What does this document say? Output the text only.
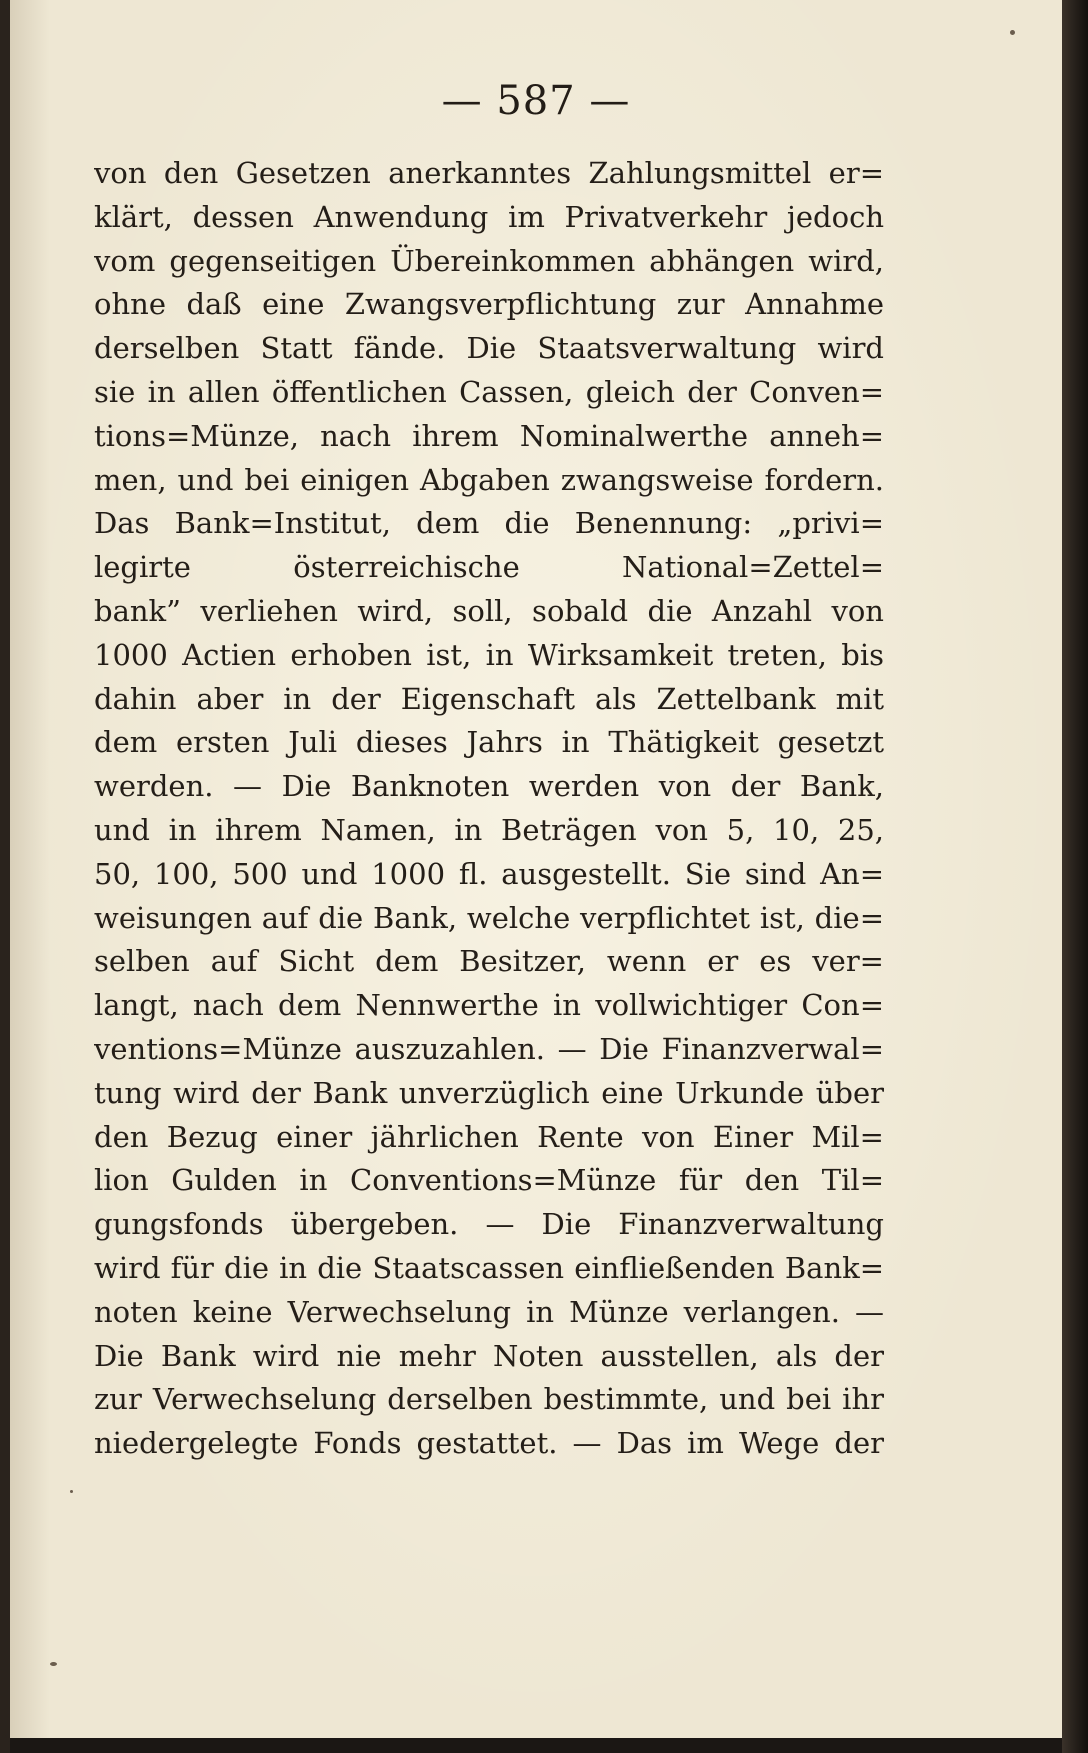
— 587 —
von den Gesetzen anerkanntes Zahlungsmittel er=
klärt, dessen Anwendung im Privatverkehr jedoch
vom gegenseitigen Übereinkommen abhängen wird,
ohne daß eine Zwangsverpflichtung zur Annahme
derselben Statt fände. Die Staatsverwaltung wird
sie in allen öffentlichen Cassen, gleich der Conven=
tions=Münze, nach ihrem Nominalwerthe anneh=
men, und bei einigen Abgaben zwangsweise fordern.
Das Bank=Institut, dem die Benennung: „privi=
legirte österreichische National=Zettel=
bank” verliehen wird, soll, sobald die Anzahl von
1000 Actien erhoben ist, in Wirksamkeit treten, bis
dahin aber in der Eigenschaft als Zettelbank mit
dem ersten Juli dieses Jahrs in Thätigkeit gesetzt
werden. — Die Banknoten werden von der Bank,
und in ihrem Namen, in Beträgen von 5, 10, 25,
50, 100, 500 und 1000 fl. ausgestellt. Sie sind An=
weisungen auf die Bank, welche verpflichtet ist, die=
selben auf Sicht dem Besitzer, wenn er es ver=
langt, nach dem Nennwerthe in vollwichtiger Con=
ventions=Münze auszuzahlen. — Die Finanzverwal=
tung wird der Bank unverzüglich eine Urkunde über
den Bezug einer jährlichen Rente von Einer Mil=
lion Gulden in Conventions=Münze für den Til=
gungsfonds übergeben. — Die Finanzverwaltung
wird für die in die Staatscassen einfließenden Bank=
noten keine Verwechselung in Münze verlangen. —
Die Bank wird nie mehr Noten ausstellen, als der
zur Verwechselung derselben bestimmte, und bei ihr
niedergelegte Fonds gestattet. — Das im Wege der
